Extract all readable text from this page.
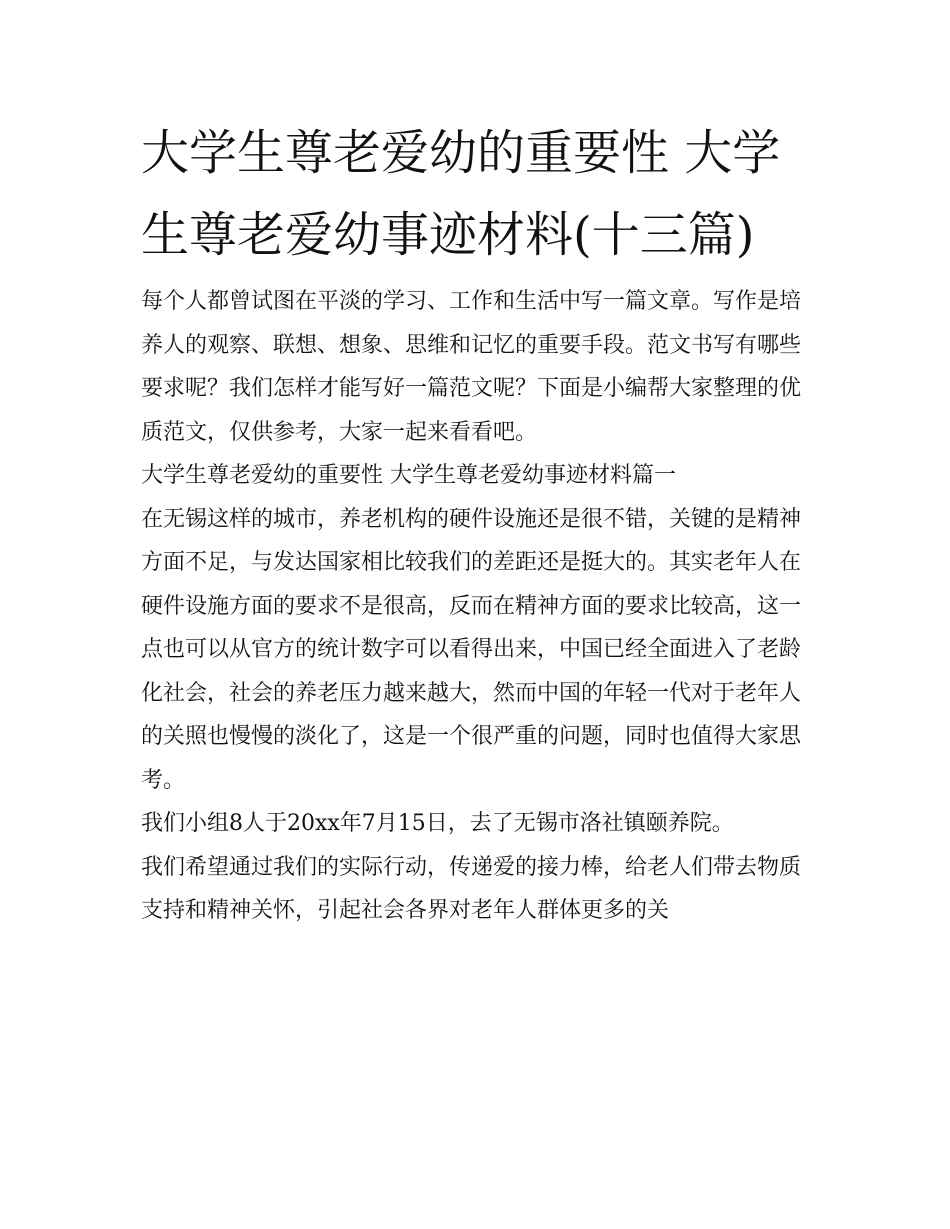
大学生尊老爱幼的重要性 大学生尊老爱幼事迹材料(十三篇)

每个人都曾试图在平淡的学习、工作和生活中写一篇文章。写作是培养人的观察、联想、想象、思维和记忆的重要手段。范文书写有哪些要求呢？我们怎样才能写好一篇范文呢？下面是小编帮大家整理的优质范文，仅供参考，大家一起来看看吧。

大学生尊老爱幼的重要性 大学生尊老爱幼事迹材料篇一

在无锡这样的城市，养老机构的硬件设施还是很不错，关键的是精神方面不足，与发达国家相比较我们的差距还是挺大的。其实老年人在硬件设施方面的要求不是很高，反而在精神方面的要求比较高，这一点也可以从官方的统计数字可以看得出来，中国已经全面进入了老龄化社会，社会的养老压力越来越大，然而中国的年轻一代对于老年人的关照也慢慢的淡化了，这是一个很严重的问题，同时也值得大家思考。

我们小组8人于20xx年7月15日，去了无锡市洛社镇颐养院。

我们希望通过我们的实际行动，传递爱的接力棒，给老人们带去物质支持和精神关怀，引起社会各界对老年人群体更多的关
